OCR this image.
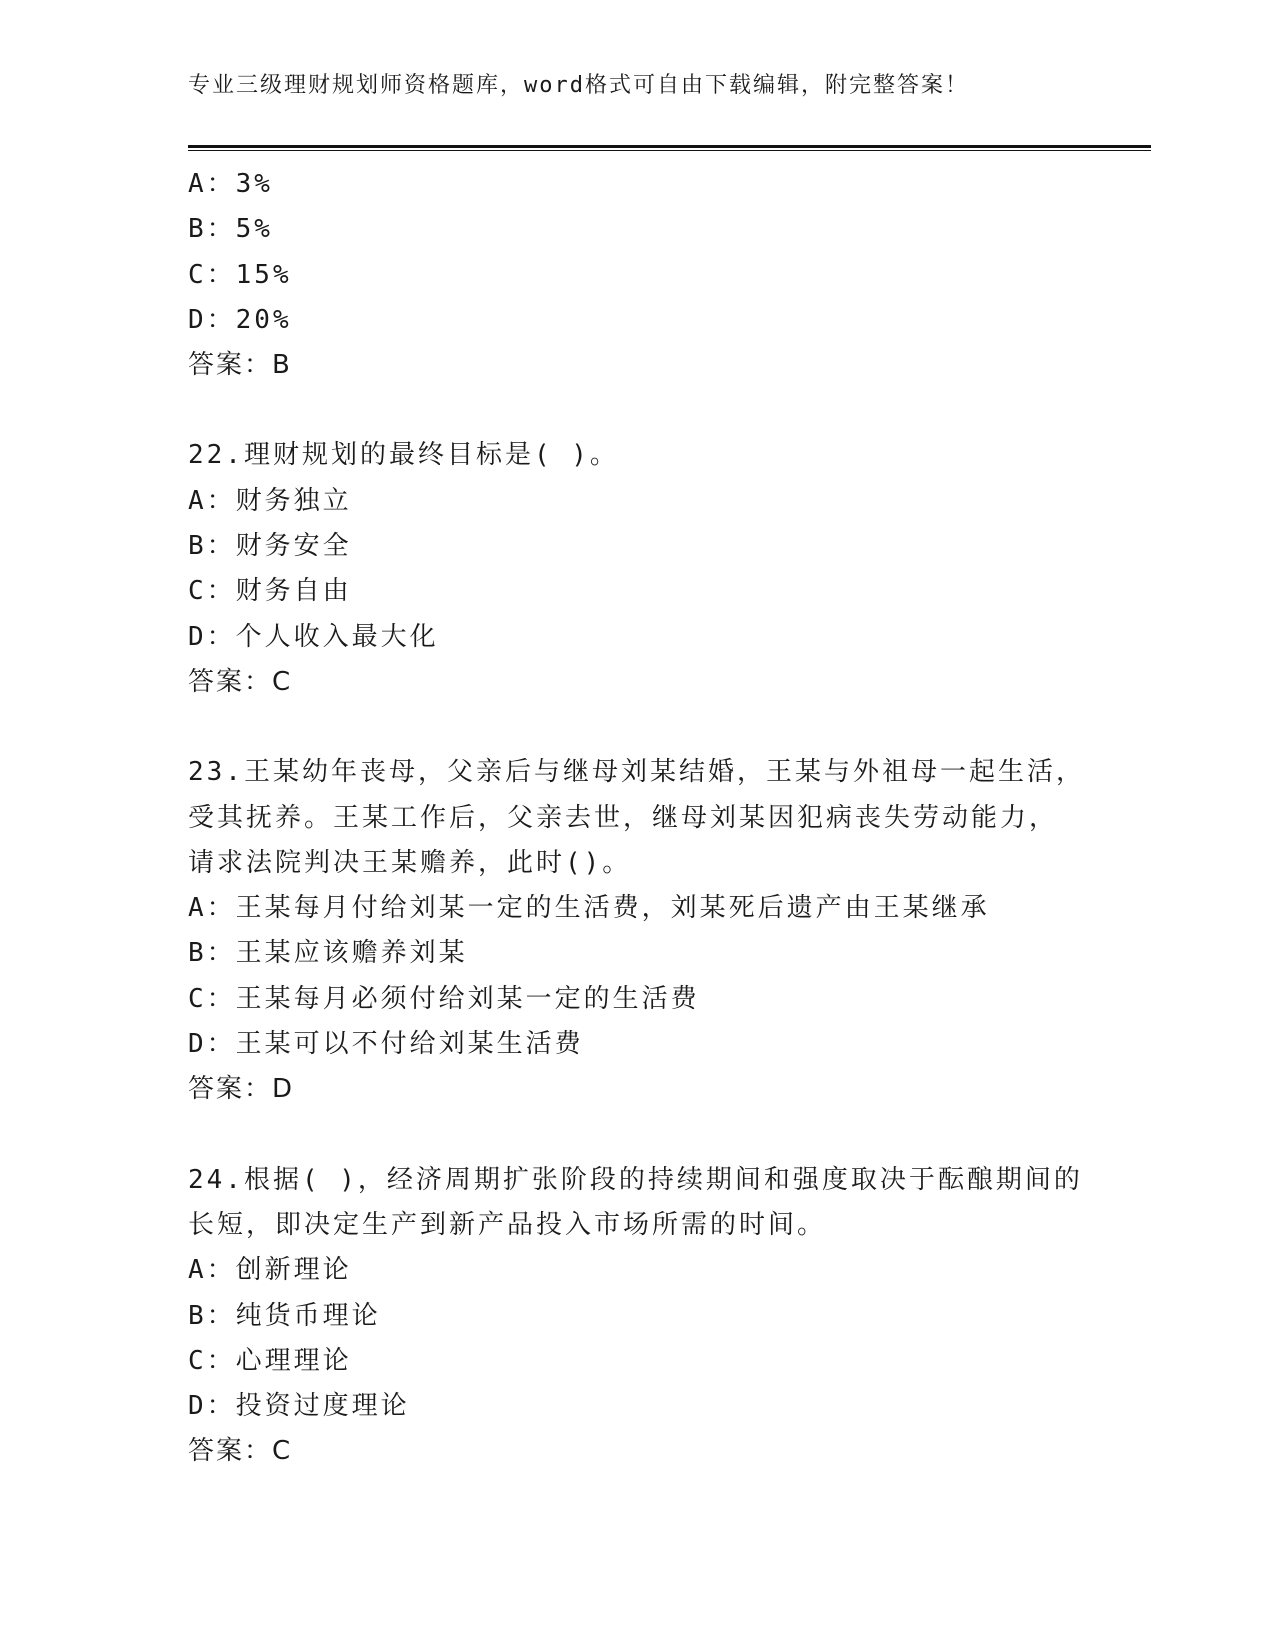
专业三级理财规划师资格题库，word格式可自由下载编辑，附完整答案！
A：3%
B：5%
C：15%
D：20%
答案：B
22.理财规划的最终目标是( )。
A：财务独立
B：财务安全
C：财务自由
D：个人收入最大化
答案：C
23.王某幼年丧母，父亲后与继母刘某结婚，王某与外祖母一起生活，
受其抚养。王某工作后，父亲去世，继母刘某因犯病丧失劳动能力，
请求法院判决王某赡养，此时()。
A：王某每月付给刘某一定的生活费，刘某死后遗产由王某继承
B：王某应该赡养刘某
C：王某每月必须付给刘某一定的生活费
D：王某可以不付给刘某生活费
答案：D
24.根据( )，经济周期扩张阶段的持续期间和强度取决于酝酿期间的
长短，即决定生产到新产品投入市场所需的时间。
A：创新理论
B：纯货币理论
C：心理理论
D：投资过度理论
答案：C
